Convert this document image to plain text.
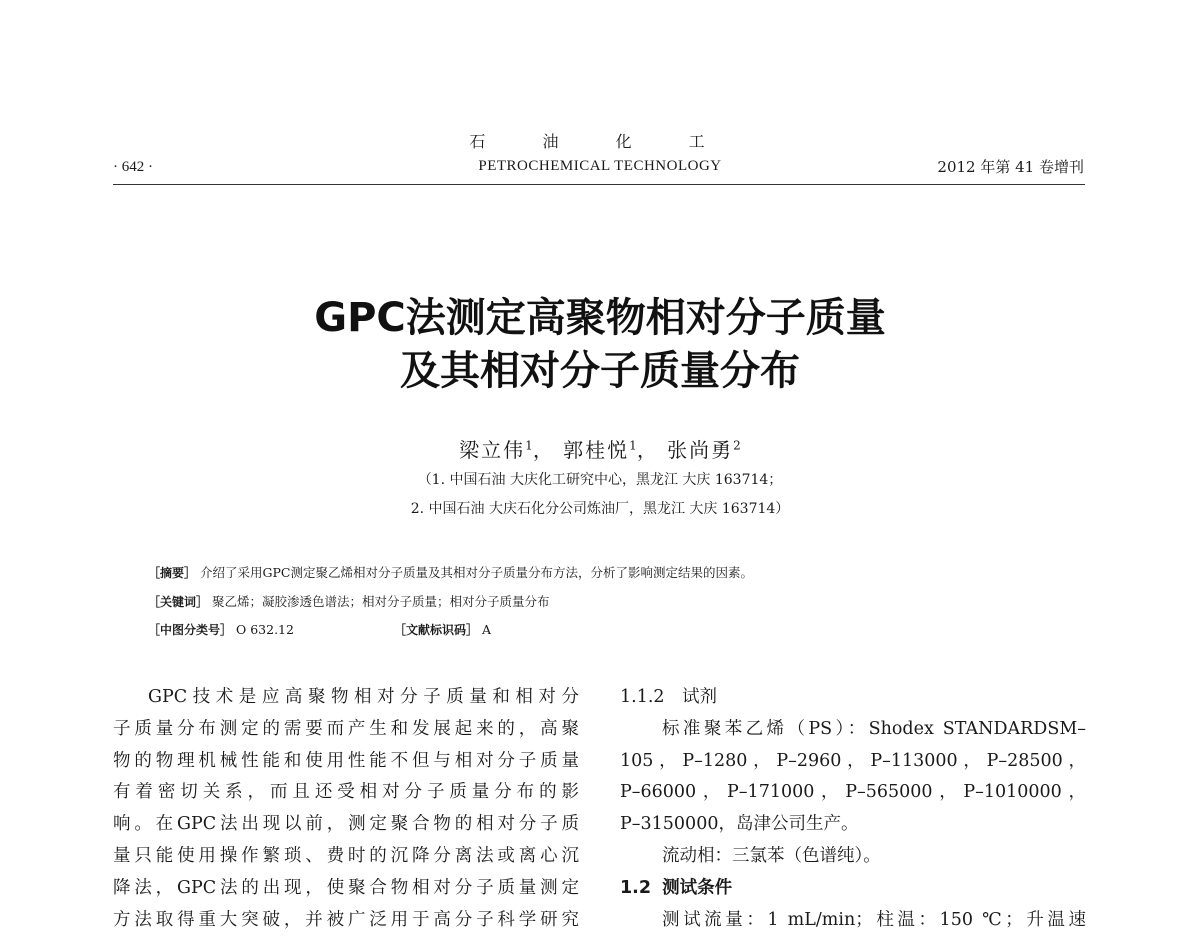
石 油 化 工
PETROCHEMICAL TECHNOLOGY
· 642 ·	2012 年第 41 卷增刊
GPC法测定高聚物相对分子质量
及其相对分子质量分布
梁立伟$^1$， 郭桂悦$^1$， 张尚勇$^2$
（1. 中国石油 大庆化工研究中心，黑龙江 大庆 163714；
2. 中国石油 大庆石化分公司炼油厂，黑龙江 大庆 163714）
［摘要］ 介绍了采用GPC测定聚乙烯相对分子质量及其相对分子质量分布方法，分析了影响测定结果的因素。
［关键词］ 聚乙烯；凝胶渗透色谱法；相对分子质量；相对分子质量分布
［中图分类号］ O 632.12	［文献标识码］ A

GPC技术是应高聚物相对分子质量和相对分

子质量分布测定的需要而产生和发展起来的，高聚

物的物理机械性能和使用性能不但与相对分子质量

有着密切关系，而且还受相对分子质量分布的影

响。在GPC法出现以前，测定聚合物的相对分子质

量只能使用操作繁琐、费时的沉降分离法或离心沉

降法，GPC法的出现，使聚合物相对分子质量测定

方法取得重大突破，并被广泛用于高分子科学研究

1.1.2　试剂

标准聚苯乙烯（PS）：Shodex STANDARDSM–

105，P–1280，P–2960，P–113000，P–28500，

P–66000，P–171000，P–565000，P–1010000，

P–3150000，岛津公司生产。

流动相：三氯苯（色谱纯）。

1.2 测试条件

测试流量：1 mL/min；柱温：150 ℃；升温速
